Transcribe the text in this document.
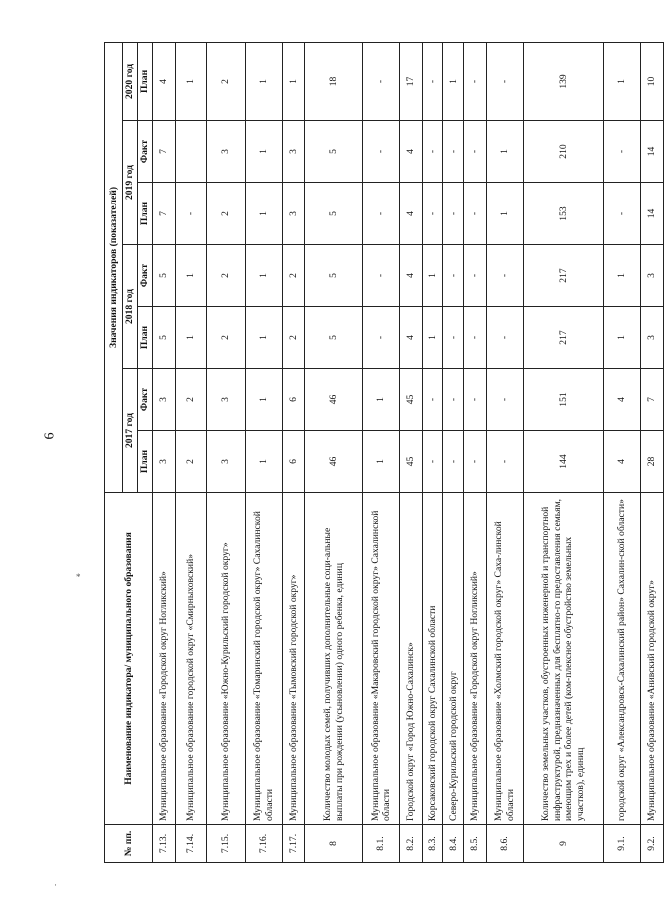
*
·
6
№ пп.	Наименование индикатора/ муниципального образования	Значения индикаторов (показателей)						
		2017 год		2018 год		2019 год		2020 год
		План	Факт	План	Факт	План	Факт	План
7.13.	Муниципальное образование «Городской округ Ногликский»	3	3	5	5	7	7	4
7.14.	Муниципальное образование городской округ «Смирныховский»	2	2	1	1	-		1
7.15.	Муниципальное образование «Южно-Курильский городской округ»	3	3	2	2	2	3	2
7.16.	Муниципальное образование «Томаринский городской округ» Сахалинской области	1	1	1	1	1	1	1
7.17.	Муниципальное образование «Тымовский городской округ»	6	6	2	2	3	3	1
8	Количество молодых семей, получивших дополнительные соци-альные выплаты при рождении (усыновлении) одного ребенка, единиц	46	46	5	5	5	5	18
8.1.	Муниципальное образование «Макаровский городской округ» Сахалинской области	1	1	-	-	-	-	-
8.2.	Городской округ «Город Южно-Сахалинск»	45	45	4	4	4	4	17
8.3.	Корсаковский городской округ Сахалинской области	-	-	1	1	-	-	-
8.4.	Северо-Курильский городской округ	-	-	-	-	-	-	1
8.5.	Муниципальное образование «Городской округ Ногликский»	-	-	-	-	-	-	-
8.6.	Муниципальное образование «Холмский городской округ» Саха-линской области	-	-	-	-	1	1	-
9	Количество земельных участков, обустроенных инженерной и транспортной инфраструктурой, предназначенных для бесплатно-го предоставления семьям, имеющим трех и более детей (ком-плексное обустройство земельных участков), единиц	144	151	217	217	153	210	139
9.1.	городской округ «Александровск-Сахалинский район» Сахалин-ской области»	4	4	1	1	-	-	1
9.2.	Муниципальное образование «Анивский городской округ»	28	7	3	3	14	14	10
